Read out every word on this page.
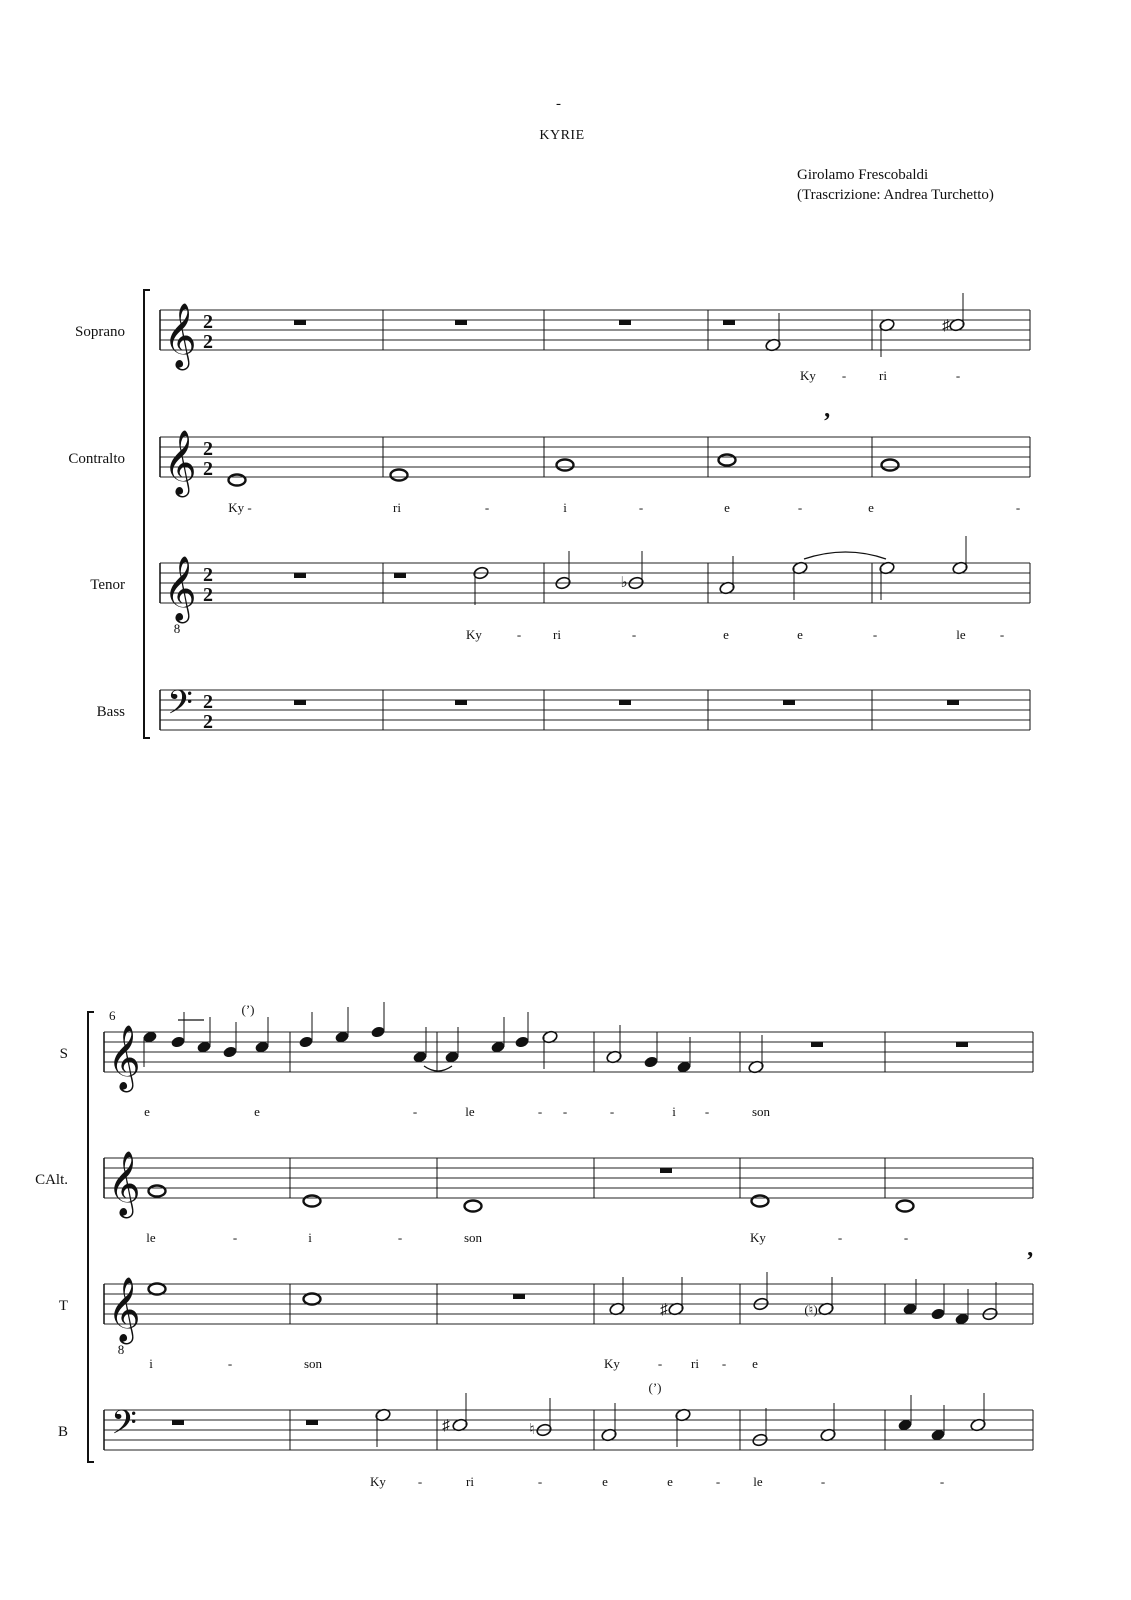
-
KYRIE
Girolamo Frescobaldi
(Trascrizione: Andrea Turchetto)
Soprano 𝄞 2
2
Ky -	ri	-
Contralto 𝄞 2
2
Ky -	ri	-	i	-	e	-	e	-
Tenor 𝄞
8
2
2
Ky	- ri	-	e	e	-	le	-
Bass 𝄢 2
2
6
S 𝄞
e	e	-	le	- -	-	i -	son
CAlt. 𝄞
le	-	i	-	son	Ky	-	-
T 𝄞
8
i	-	son	Ky	- ri - e
B 𝄢
Ky -	ri	-	e	e	-	le	-	-
♯
’
♭
(’)
♯	(♮)
’
♯	♮
(’)
